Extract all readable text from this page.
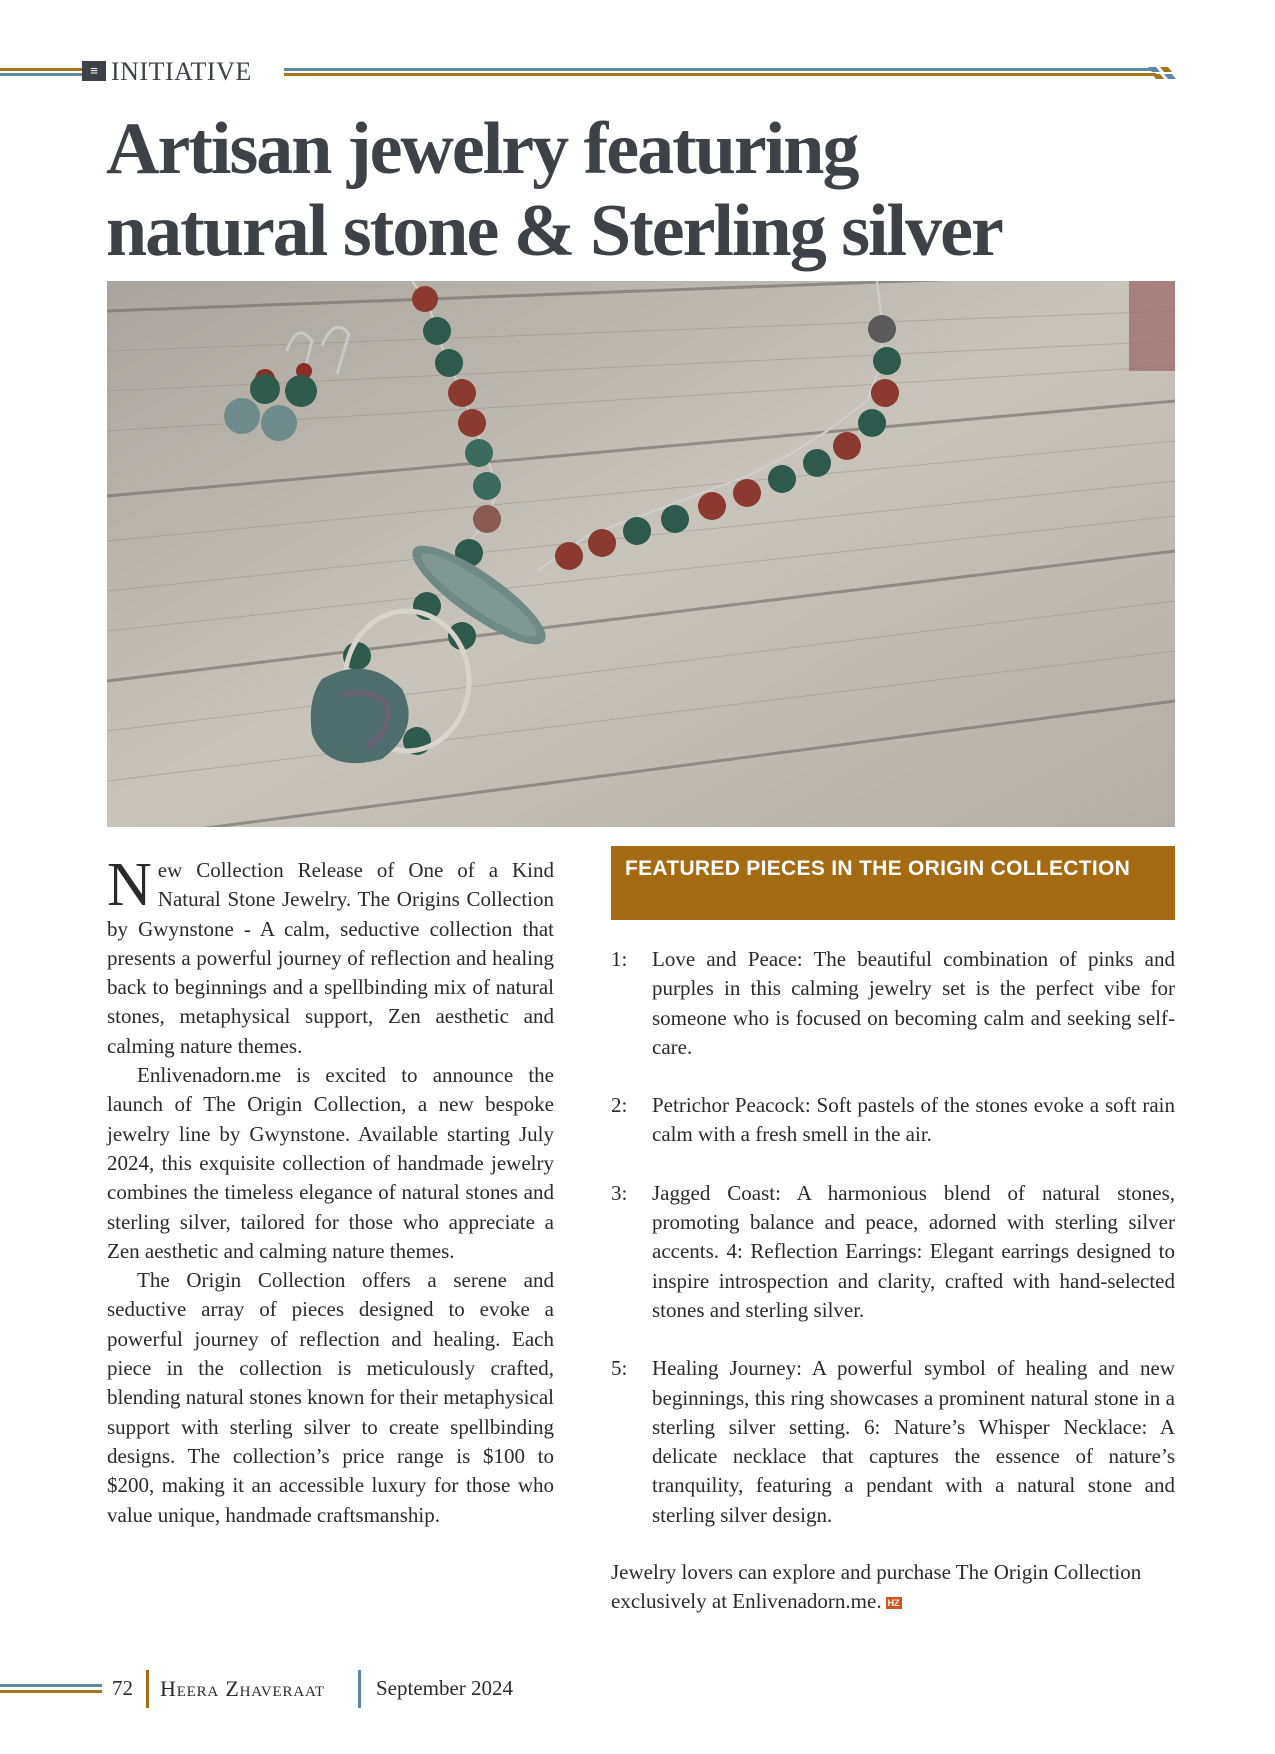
≡ INITIATIVE
Artisan jewelry featuring
natural stone & Sterling silver

New Collection Release of One of a Kind Natural Stone Jewelry. The Origins Collection by Gwynstone - A calm, seductive collection that presents a powerful journey of reflection and healing back to beginnings and a spellbinding mix of natural stones, metaphysical support, Zen aesthetic and calming nature themes.

Enlivenadorn.me is excited to announce the launch of The Origin Collection, a new bespoke jewelry line by Gwynstone. Available starting July 2024, this exquisite collection of handmade jewelry combines the timeless elegance of natural stones and sterling silver, tailored for those who appreciate a Zen aesthetic and calming nature themes.

The Origin Collection offers a serene and seductive array of pieces designed to evoke a powerful journey of reflection and healing. Each piece in the collection is meticulously crafted, blending natural stones known for their metaphysical support with sterling silver to create spellbinding designs. The collection’s price range is $100 to $200, making it an accessible luxury for those who value unique, handmade craftsmanship.

FEATURED PIECES IN THE ORIGIN COLLECTION
1:	Love and Peace: The beautiful combination of pinks and purples in this calming jewelry set is the perfect vibe for someone who is focused on becoming calm and seeking self-care.
2:	Petrichor Peacock: Soft pastels of the stones evoke a soft rain calm with a fresh smell in the air.
3:	Jagged Coast: A harmonious blend of natural stones, promoting balance and peace, adorned with sterling silver accents. 4: Reflection Earrings: Elegant earrings designed to inspire introspection and clarity, crafted with hand-selected stones and sterling silver.
5:	Healing Journey: A powerful symbol of healing and new beginnings, this ring showcases a prominent natural stone in a sterling silver setting. 6: Nature’s Whisper Necklace: A delicate necklace that captures the essence of nature’s tranquility, featuring a pendant with a natural stone and sterling silver design.
Jewelry lovers can explore and purchase The Origin Collection exclusively at Enlivenadorn.me. HZ
72 Heera Zhaveraat September 2024
